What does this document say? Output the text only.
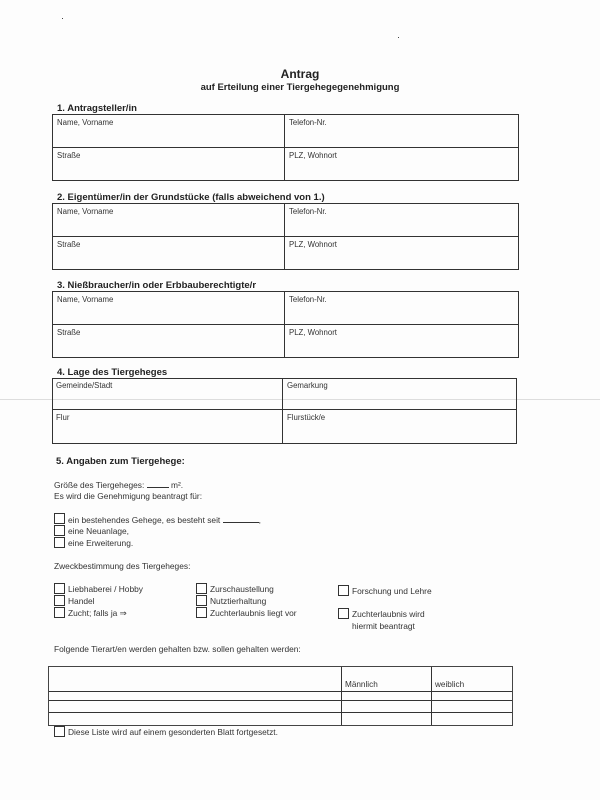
Antrag
auf Erteilung einer Tiergehegegenehmigung
1. Antragsteller/in
Name, Vorname	Telefon-Nr.
Straße	PLZ, Wohnort
2. Eigentümer/in der Grundstücke (falls abweichend von 1.)
Name, Vorname	Telefon-Nr.
Straße	PLZ, Wohnort
3. Nießbraucher/in oder Erbbauberechtigte/r
Name, Vorname	Telefon-Nr.
Straße	PLZ, Wohnort
4. Lage des Tiergeheges
Gemeinde/Stadt	Gemarkung
Flur	Flurstück/e
5. Angaben zum Tiergehege:
Größe des Tiergeheges:	m².
Es wird die Genehmigung beantragt für:
ein bestehendes Gehege, es besteht seit	,
eine Neuanlage,
eine Erweiterung.
Zweckbestimmung des Tiergeheges:
Liebhaberei / Hobby
Handel
Zucht; falls ja ⇒
Zurschaustellung
Nutztierhaltung
Zuchterlaubnis liegt vor
Forschung und Lehre
Zuchterlaubnis wird
hiermit beantragt
Folgende Tierart/en werden gehalten bzw. sollen gehalten werden:
Männlich	weiblich
Diese Liste wird auf einem gesonderten Blatt fortgesetzt.
